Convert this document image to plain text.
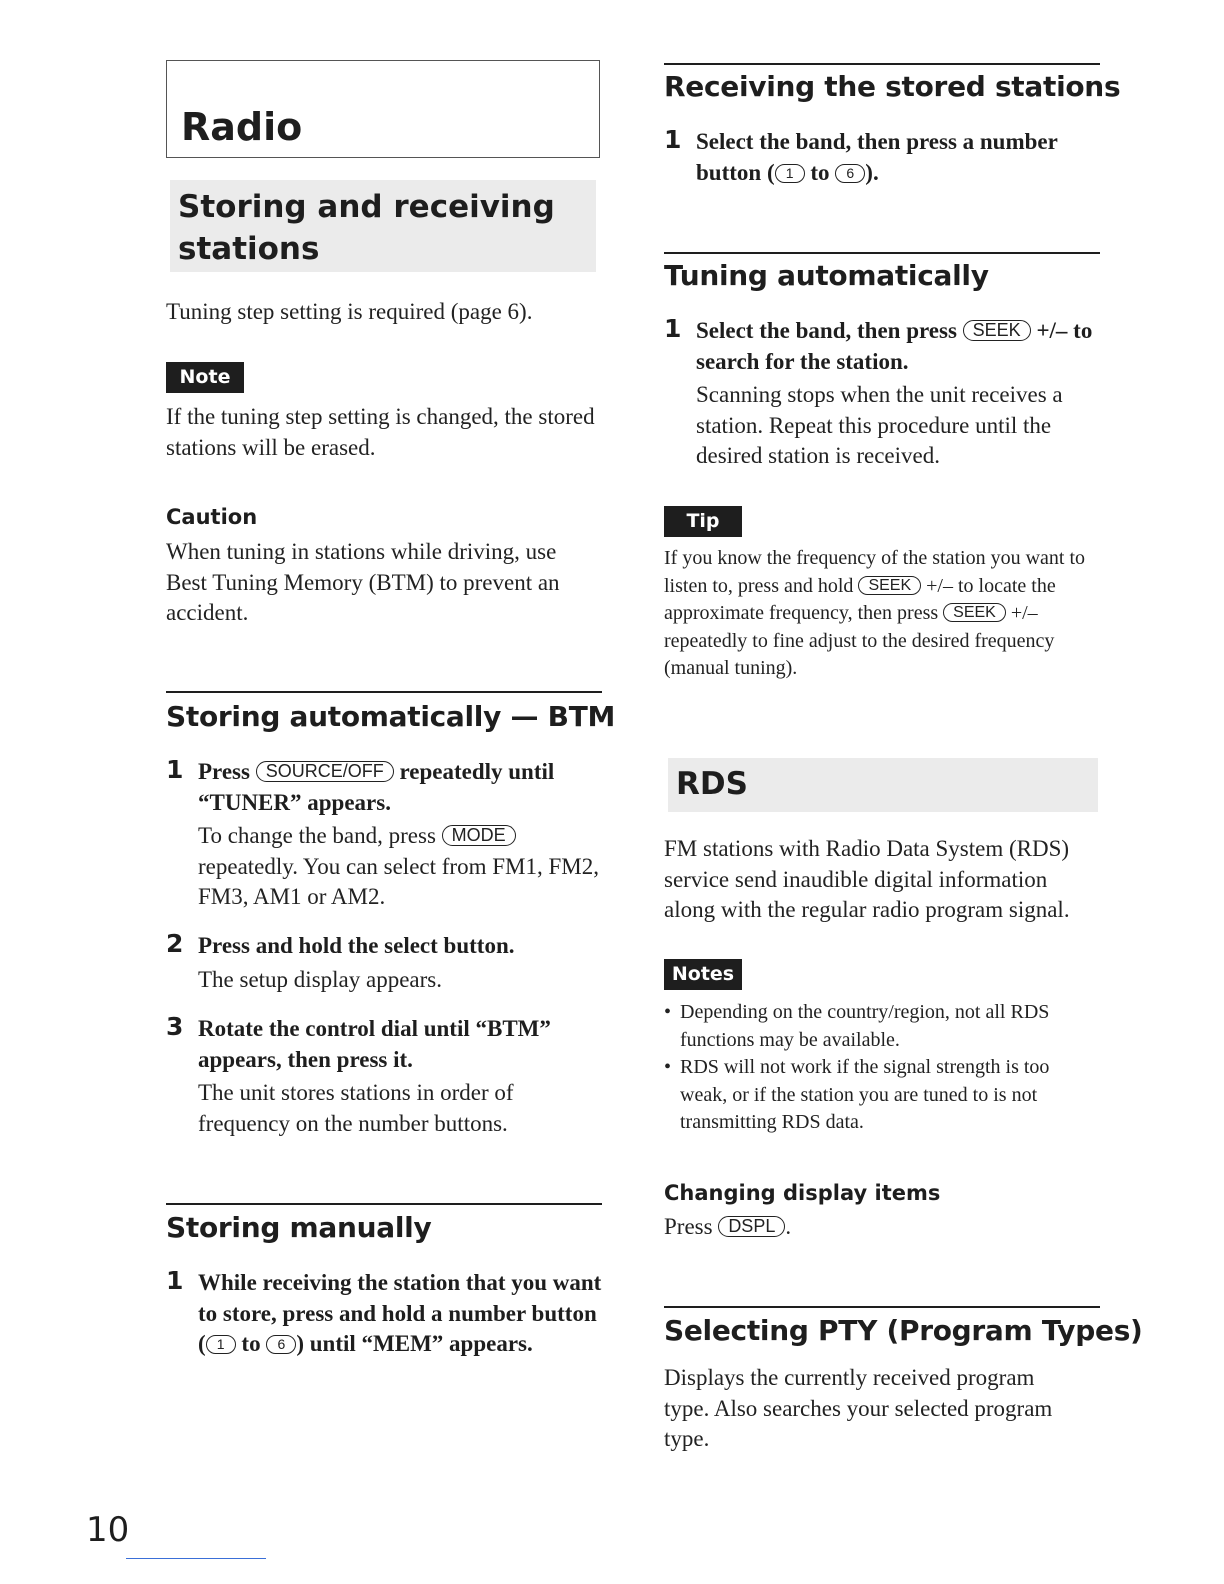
Radio
Storing and receiving
stations
Tuning step setting is required (page 6).
Note
If the tuning step setting is changed, the stored stations will be erased.
Caution
When tuning in stations while driving, use Best Tuning Memory (BTM) to prevent an accident.
Storing automatically — BTM
1 Press SOURCE/OFF repeatedly until “TUNER” appears.
To change the band, press MODE repeatedly. You can select from FM1, FM2, FM3, AM1 or AM2.
2 Press and hold the select button.
The setup display appears.
3 Rotate the control dial until “BTM” appears, then press it.
The unit stores stations in order of frequency on the number buttons.
Storing manually
1 While receiving the station that you want to store, press and hold a number button ( 1 to 6 ) until “MEM” appears.
10
Receiving the stored stations
1 Select the band, then press a number button ( 1 to 6 ).
Tuning automatically
1 Select the band, then press SEEK +/– to search for the station.
Scanning stops when the unit receives a station. Repeat this procedure until the desired station is received.
Tip
If you know the frequency of the station you want to listen to, press and hold SEEK +/– to locate the approximate frequency, then press SEEK +/– repeatedly to fine adjust to the desired frequency (manual tuning).
RDS
FM stations with Radio Data System (RDS) service send inaudible digital information along with the regular radio program signal.
Notes
• Depending on the country/region, not all RDS functions may be available.
• RDS will not work if the signal strength is too weak, or if the station you are tuned to is not transmitting RDS data.
Changing display items
Press DSPL .
Selecting PTY (Program Types)
Displays the currently received program type. Also searches your selected program type.
